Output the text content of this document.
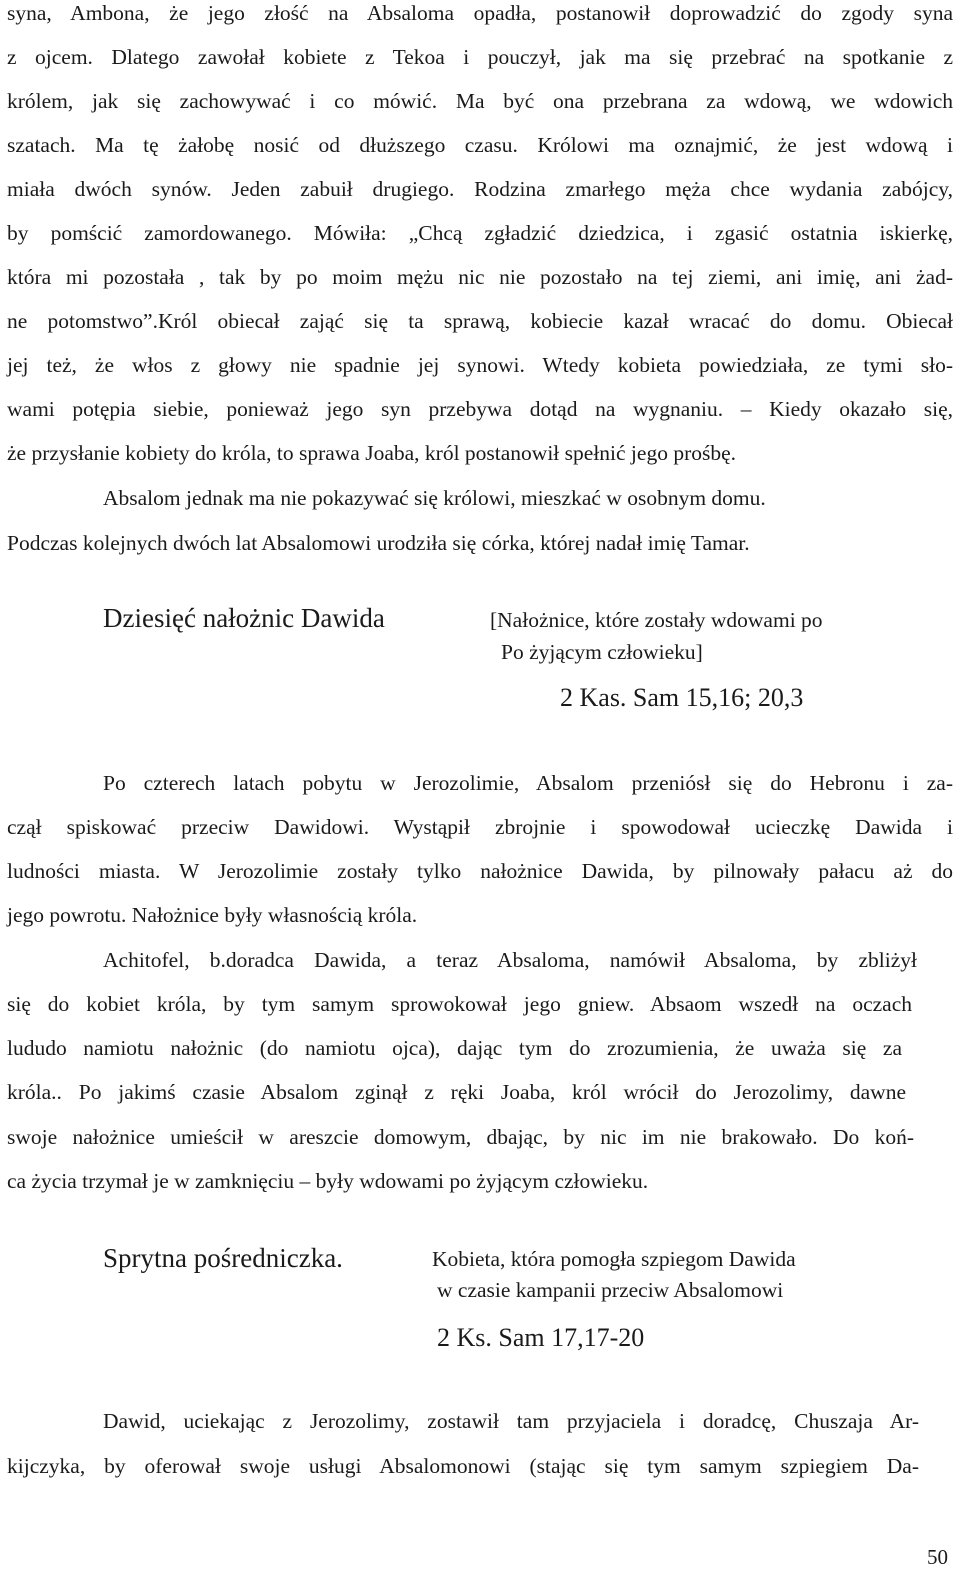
syna, Ambona, że jego złość na Absaloma opadła, postanowił doprowadzić do zgody syna
z ojcem. Dlatego zawołał kobiete z Tekoa i pouczył, jak ma się przebrać na spotkanie z
królem, jak się zachowywać i co mówić. Ma być ona przebrana za wdową, we wdowich
szatach. Ma tę żałobę nosić od dłuższego czasu. Królowi ma oznajmić, że jest wdową i
miała dwóch synów. Jeden zabuił drugiego. Rodzina zmarłego męża chce wydania zabójcy,
by pomścić zamordowanego. Mówiła: „Chcą zgładzić dziedzica, i zgasić ostatnia iskierkę,
która mi pozostała , tak by po moim mężu nic nie pozostało na tej ziemi, ani imię, ani żad-
ne potomstwo”.Król obiecał zająć się ta sprawą, kobiecie kazał wracać do domu. Obiecał
jej też, że włos z głowy nie spadnie jej synowi. Wtedy kobieta powiedziała, ze tymi sło-
wami potępia siebie, ponieważ jego syn przebywa dotąd na wygnaniu. – Kiedy okazało się,
że przysłanie kobiety do króla, to sprawa Joaba, król postanowił spełnić jego prośbę.
Absalom jednak ma nie pokazywać się królowi, mieszkać w osobnym domu.
Podczas kolejnych dwóch lat Absalomowi urodziła się córka, której nadał imię Tamar.
Dziesięć nałożnic Dawida	[Nałożnice, które zostały wdowami po
Po żyjącym człowieku]
2 Kas. Sam 15,16; 20,3
Po czterech latach pobytu w Jerozolimie, Absalom przeniósł się do Hebronu i za-
czął spiskować przeciw Dawidowi. Wystąpił zbrojnie i spowodował ucieczkę Dawida i
ludności miasta. W Jerozolimie zostały tylko nałożnice Dawida, by pilnowały pałacu aż do
jego powrotu. Nałożnice były własnością króla.
Achitofel, b.doradca Dawida, a teraz Absaloma, namówił Absaloma, by zbliżył
się do kobiet króla, by tym samym sprowokował jego gniew. Absaom wszedł na oczach
lududo namiotu nałożnic (do namiotu ojca), dając tym do zrozumienia, że uważa się za
króla.. Po jakimś czasie Absalom zginął z ręki Joaba, król wrócił do Jerozolimy, dawne
swoje nałożnice umieścił w areszcie domowym, dbając, by nic im nie brakowało. Do koń-
ca życia trzymał je w zamknięciu – były wdowami po żyjącym człowieku.
Sprytna pośredniczka.	Kobieta, która pomogła szpiegom Dawida
w czasie kampanii przeciw Absalomowi
2 Ks. Sam 17,17-20
Dawid, uciekając z Jerozolimy, zostawił tam przyjaciela i doradcę, Chuszaja Ar-
kijczyka, by oferował swoje usługi Absalomonowi (stając się tym samym szpiegiem Da-
50
